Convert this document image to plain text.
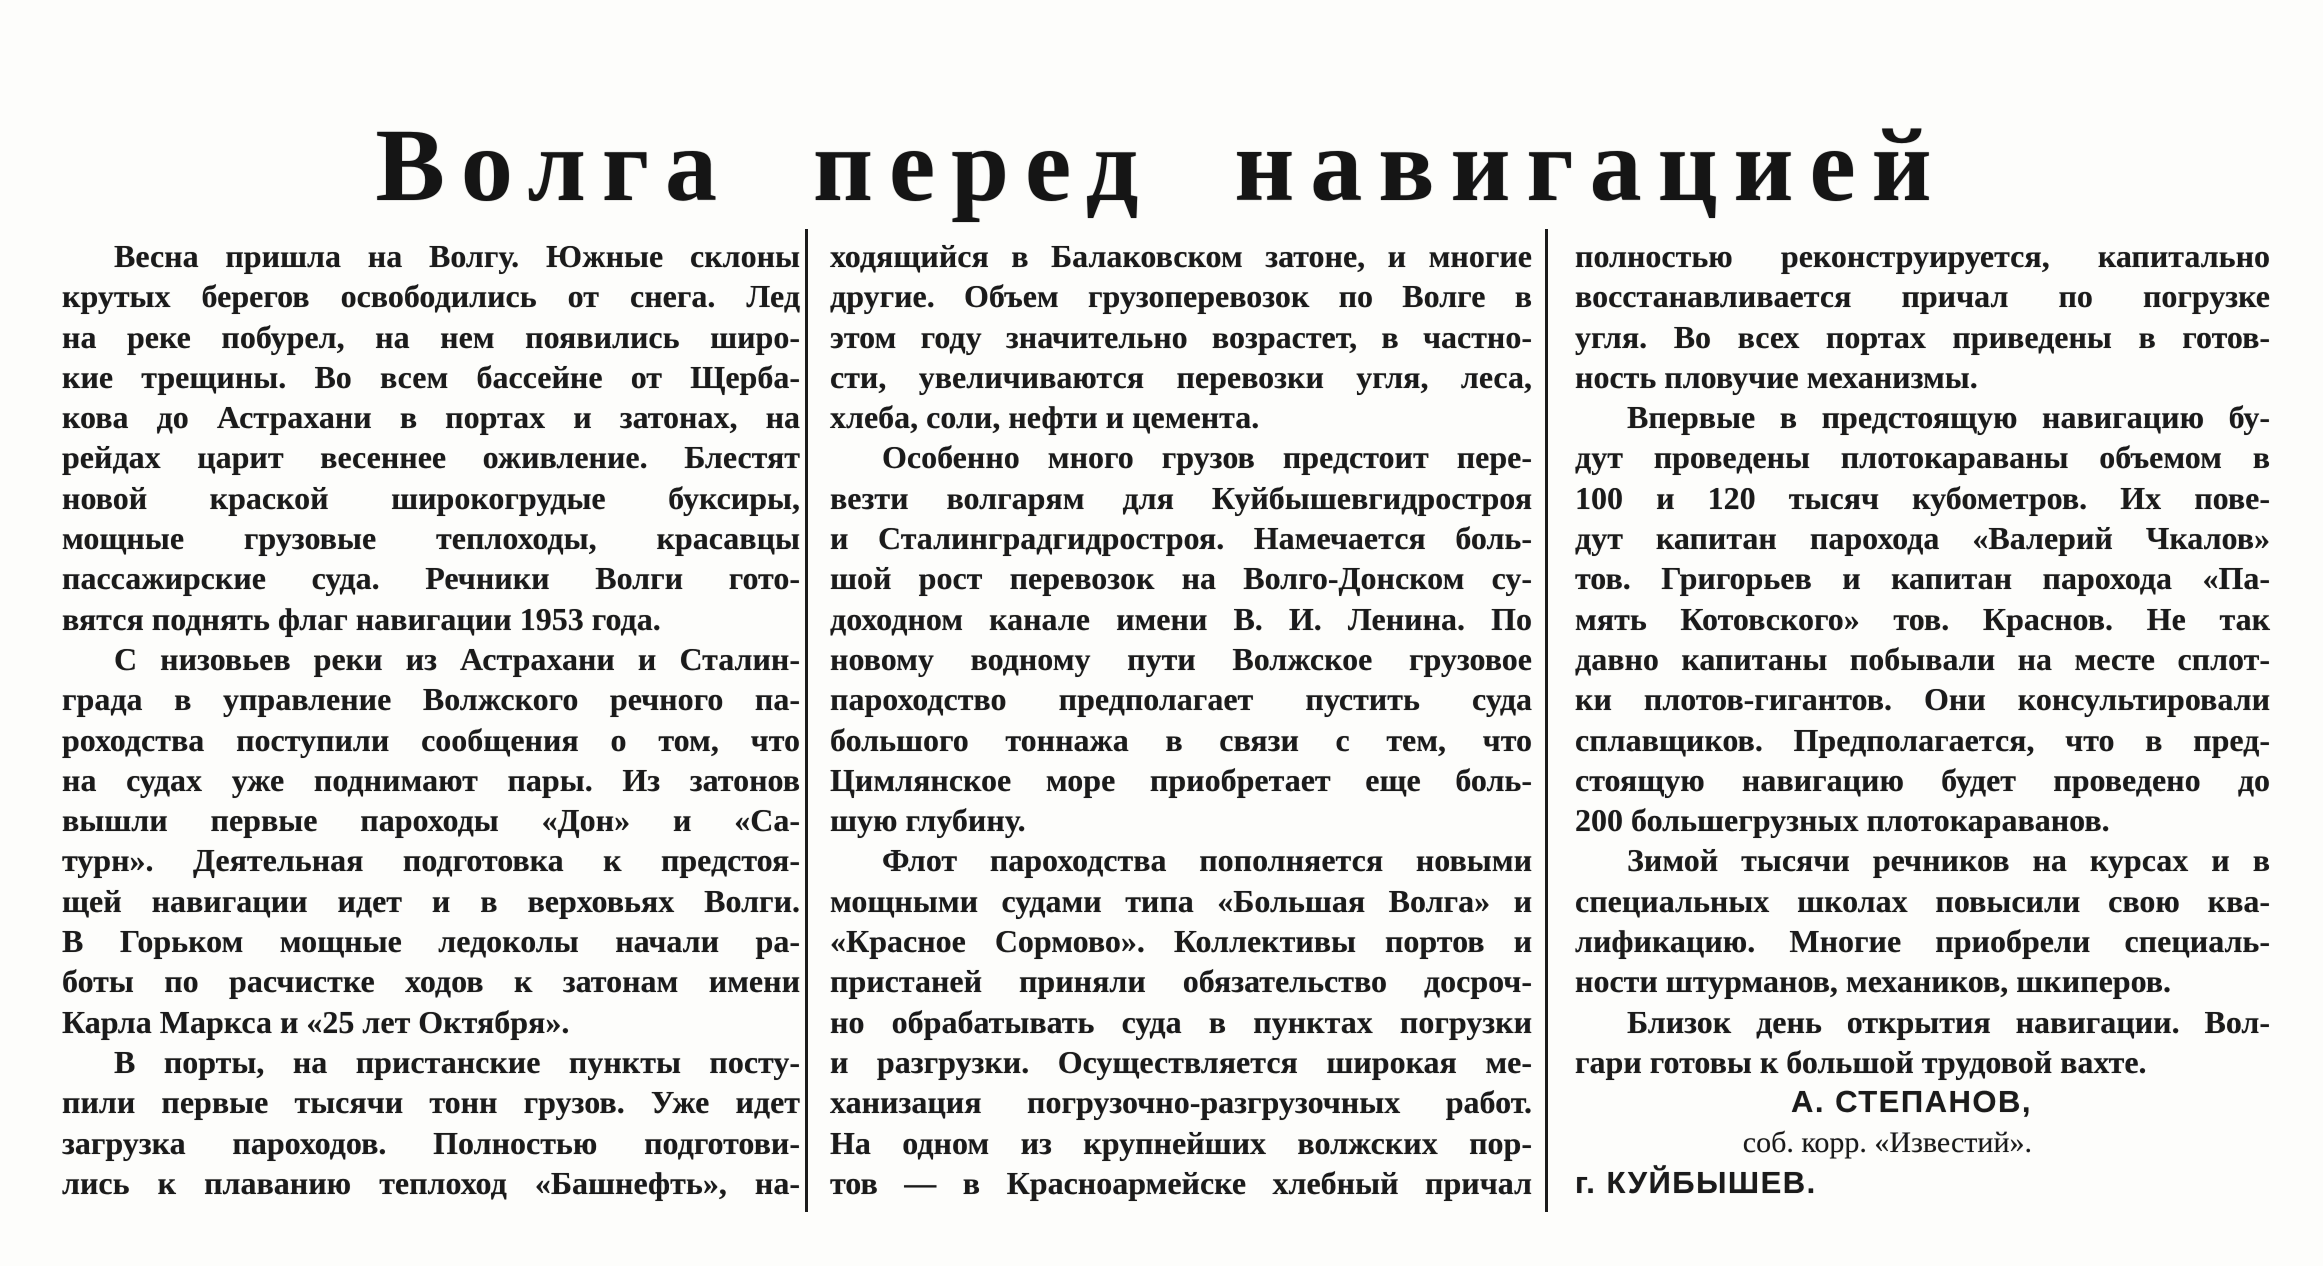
Волга перед навигацией
Весна пришла на Волгу. Южные склоны
крутых берегов освободились от снега. Лед
на реке побурел, на нем появились широ-
кие трещины. Во всем бассейне от Щерба-
кова до Астрахани в портах и затонах, на
рейдах царит весеннее оживление. Блестят
новой краской широкогрудые буксиры,
мощные грузовые теплоходы, красавцы
пассажирские суда. Речники Волги гото-
вятся поднять флаг навигации 1953 года.
С низовьев реки из Астрахани и Сталин-
града в управление Волжского речного па-
роходства поступили сообщения о том, что
на судах уже поднимают пары. Из затонов
вышли первые пароходы «Дон» и «Са-
турн». Деятельная подготовка к предстоя-
щей навигации идет и в верховьях Волги.
В Горьком мощные ледоколы начали ра-
боты по расчистке ходов к затонам имени
Карла Маркса и «25 лет Октября».
В порты, на пристанские пункты посту-
пили первые тысячи тонн грузов. Уже идет
загрузка пароходов. Полностью подготови-
лись к плаванию теплоход «Башнефть», на-
ходящийся в Балаковском затоне, и многие
другие. Объем грузоперевозок по Волге в
этом году значительно возрастет, в частно-
сти, увеличиваются перевозки угля, леса,
хлеба, соли, нефти и цемента.
Особенно много грузов предстоит пере-
везти волгарям для Куйбышевгидростроя
и Сталинградгидростроя. Намечается боль-
шой рост перевозок на Волго-Донском су-
доходном канале имени В. И. Ленина. По
новому водному пути Волжское грузовое
пароходство предполагает пустить суда
большого тоннажа в связи с тем, что
Цимлянское море приобретает еще боль-
шую глубину.
Флот пароходства пополняется новыми
мощными судами типа «Большая Волга» и
«Красное Сормово». Коллективы портов и
пристаней приняли обязательство досроч-
но обрабатывать суда в пунктах погрузки
и разгрузки. Осуществляется широкая ме-
ханизация погрузочно-разгрузочных работ.
На одном из крупнейших волжских пор-
тов — в Красноармейске хлебный причал
полностью реконструируется, капитально
восстанавливается причал по погрузке
угля. Во всех портах приведены в готов-
ность пловучие механизмы.
Впервые в предстоящую навигацию бу-
дут проведены плотокараваны объемом в
100 и 120 тысяч кубометров. Их пове-
дут капитан парохода «Валерий Чкалов»
тов. Григорьев и капитан парохода «Па-
мять Котовского» тов. Краснов. Не так
давно капитаны побывали на месте сплот-
ки плотов-гигантов. Они консультировали
сплавщиков. Предполагается, что в пред-
стоящую навигацию будет проведено до
200 большегрузных плотокараванов.
Зимой тысячи речников на курсах и в
специальных школах повысили свою ква-
лификацию. Многие приобрели специаль-
ности штурманов, механиков, шкиперов.
Близок день открытия навигации. Вол-
гари готовы к большой трудовой вахте.
А. СТЕПАНОВ,
соб. корр. «Известий».
г. КУЙБЫШЕВ.
